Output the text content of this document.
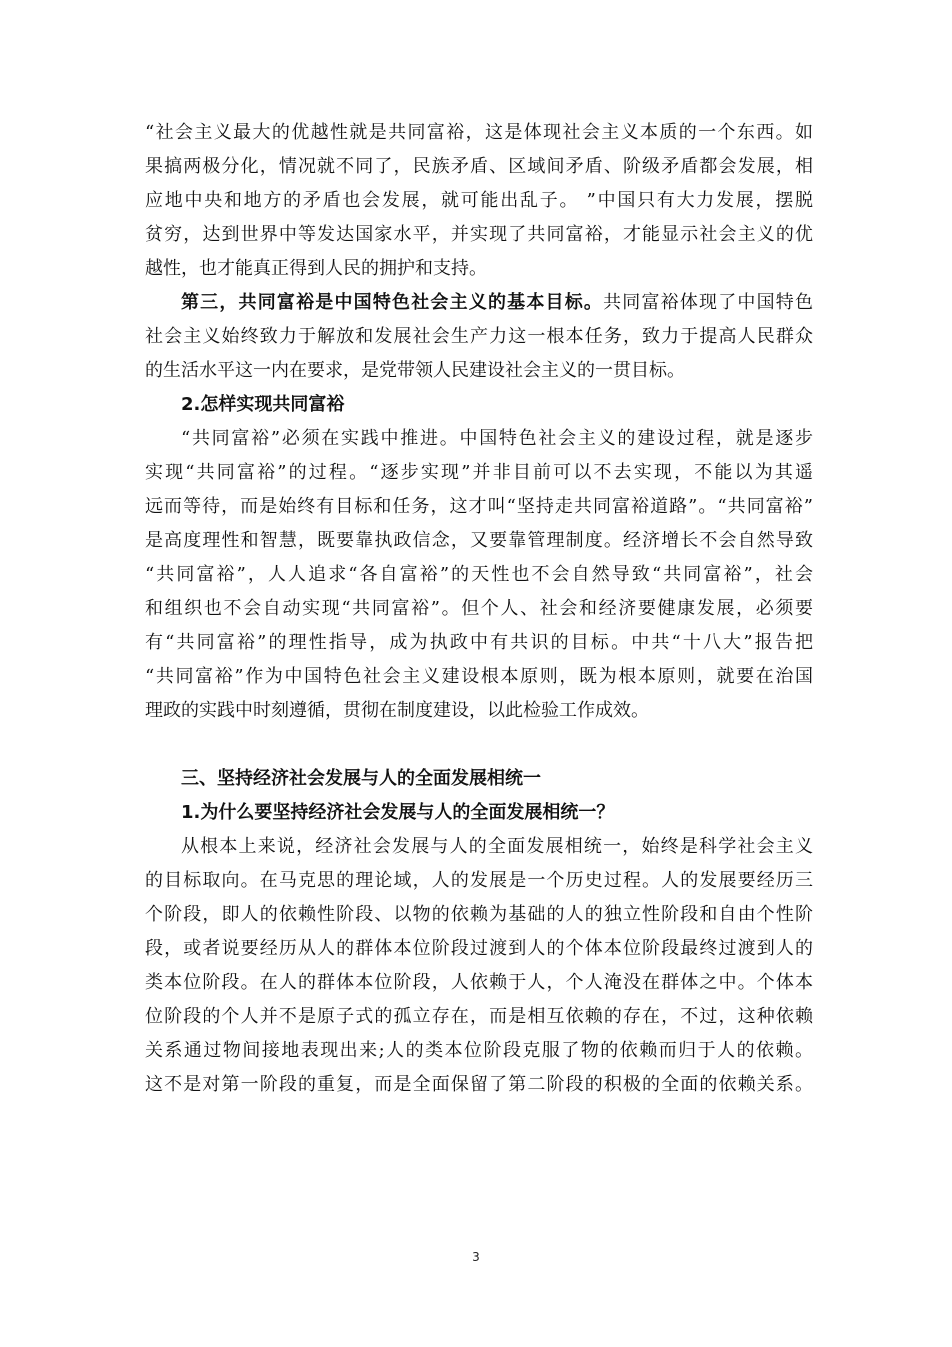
“社会主义最大的优越性就是共同富裕，这是体现社会主义本质的一个东西。如
果搞两极分化，情况就不同了，民族矛盾、区域间矛盾、阶级矛盾都会发展，相
应地中央和地方的矛盾也会发展，就可能出乱子。 ”中国只有大力发展，摆脱
贫穷，达到世界中等发达国家水平，并实现了共同富裕，才能显示社会主义的优
越性，也才能真正得到人民的拥护和支持。
第三，共同富裕是中国特色社会主义的基本目标。共同富裕体现了中国特色
社会主义始终致力于解放和发展社会生产力这一根本任务，致力于提高人民群众
的生活水平这一内在要求，是党带领人民建设社会主义的一贯目标。
2.怎样实现共同富裕
“共同富裕”必须在实践中推进。中国特色社会主义的建设过程，就是逐步
实现“共同富裕”的过程。“逐步实现”并非目前可以不去实现，不能以为其遥
远而等待，而是始终有目标和任务，这才叫“坚持走共同富裕道路”。“共同富裕”
是高度理性和智慧，既要靠执政信念，又要靠管理制度。经济增长不会自然导致
“共同富裕”，人人追求“各自富裕”的天性也不会自然导致“共同富裕”，社会
和组织也不会自动实现“共同富裕”。但个人、社会和经济要健康发展，必须要
有“共同富裕”的理性指导，成为执政中有共识的目标。中共“十八大”报告把
“共同富裕”作为中国特色社会主义建设根本原则，既为根本原则，就要在治国
理政的实践中时刻遵循，贯彻在制度建设，以此检验工作成效。
三、坚持经济社会发展与人的全面发展相统一
1.为什么要坚持经济社会发展与人的全面发展相统一？
从根本上来说，经济社会发展与人的全面发展相统一，始终是科学社会主义
的目标取向。在马克思的理论域，人的发展是一个历史过程。人的发展要经历三
个阶段，即人的依赖性阶段、以物的依赖为基础的人的独立性阶段和自由个性阶
段，或者说要经历从人的群体本位阶段过渡到人的个体本位阶段最终过渡到人的
类本位阶段。在人的群体本位阶段，人依赖于人，个人淹没在群体之中。个体本
位阶段的个人并不是原子式的孤立存在，而是相互依赖的存在，不过，这种依赖
关系通过物间接地表现出来;人的类本位阶段克服了物的依赖而归于人的依赖。
这不是对第一阶段的重复，而是全面保留了第二阶段的积极的全面的依赖关系。
3
